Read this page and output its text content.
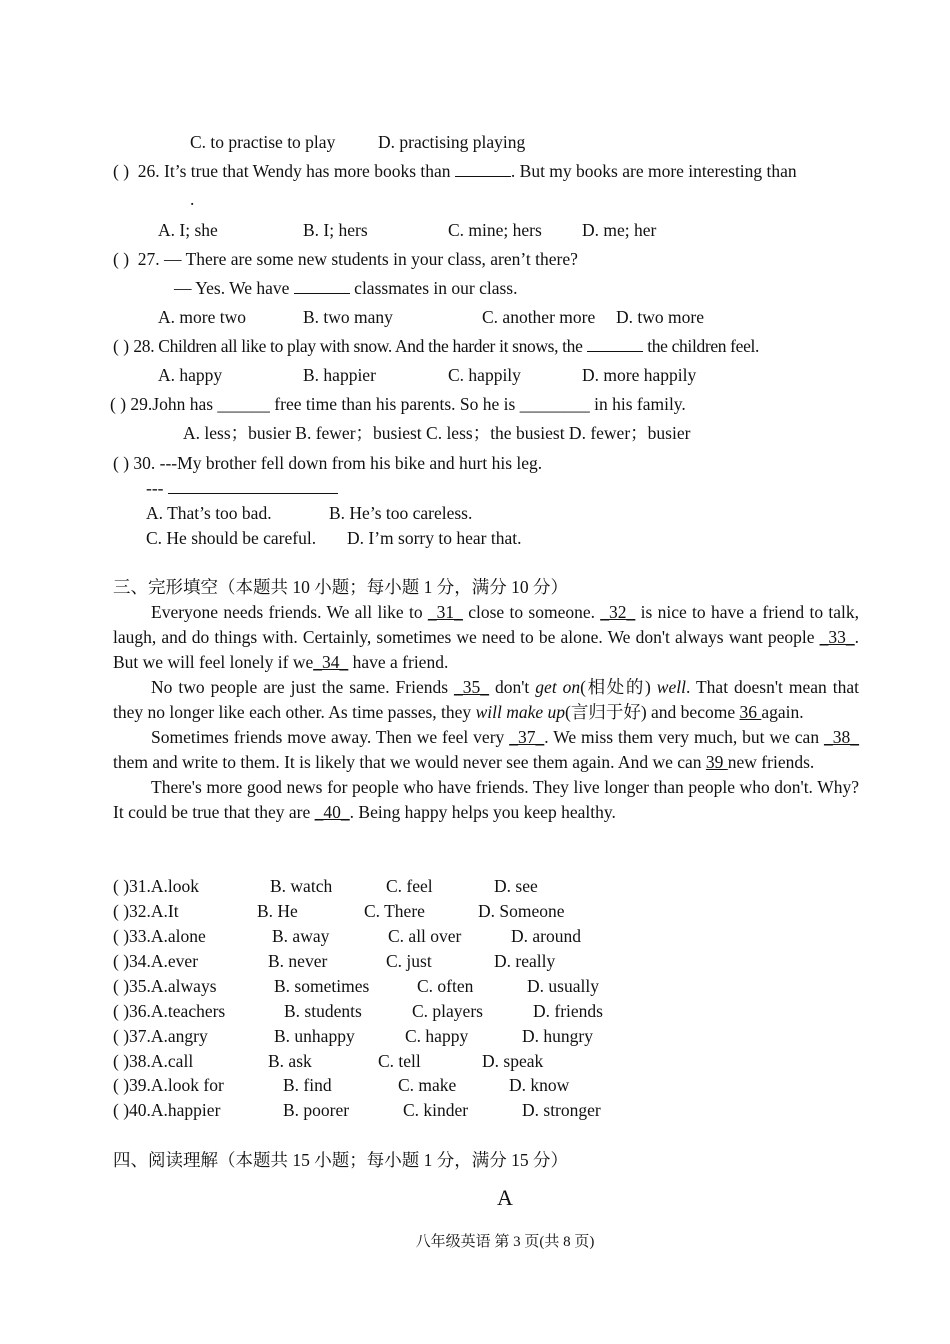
C. to practise to play D. practising playing
( ) 26. It’s true that Wendy has more books than	. But my books are more interesting than
.
A. I; she	B. I; hers	C. mine; hers D. me; her
( ) 27. — There are some new students in your class, aren’t there?
— Yes. We have	classmates in our class.
A. more two	B. two many	C. another more D. two more
( ) 28. Children all like to play with snow. And the harder it snows, the	the children feel.
A. happy	B. happier	C. happily	D. more happily
( ) 29.John has ______ free time than his parents. So he is ________ in his family.
A. less；busier B. fewer；busiest C. less；the busiest D. fewer；busier
( ) 30. ---My brother fell down from his bike and hurt his leg.
---
A. That’s too bad.	B. He’s too careless.
C. He should be careful. D. I’m sorry to hear that.
三、完形填空（本题共 10 小题；每小题 1 分，满分 10 分）

Everyone needs friends. We all like to _31_ close to someone. _32_ is nice to have a friend to talk, laugh, and do things with. Certainly, sometimes we need to be alone. We don't always want people _33_. But we will feel lonely if we_34_ have a friend.

No two people are just the same. Friends _35_ don't get on(相处的) well. That doesn't mean that they no longer like each other. As time passes, they will make up(言归于好) and become 36 again.

Sometimes friends move away. Then we feel very _37_. We miss them very much, but we can _38_ them and write to them. It is likely that we would never see them again. And we can 39 new friends.

There's more good news for people who have friends. They live longer than people who don't. Why? It could be true that they are _40_. Being happy helps you keep healthy.

( )31.A.look	B. watch	C. feel	D. see
( )32.A.It	B. He	C. There	D. Someone
( )33.A.alone	B. away	C. all over	D. around
( )34.A.ever	B. never	C. just	D. really
( )35.A.always	B. sometimes	C. often	D. usually
( )36.A.teachers	B. students	C. players	D. friends
( )37.A.angry	B. unhappy	C. happy	D. hungry
( )38.A.call	B. ask	C. tell	D. speak
( )39.A.look for	B. find	C. make	D. know
( )40.A.happier	B. poorer	C. kinder	D. stronger
四、阅读理解（本题共 15 小题；每小题 1 分，满分 15 分）
A
八年级英语 第 3 页(共 8 页)
